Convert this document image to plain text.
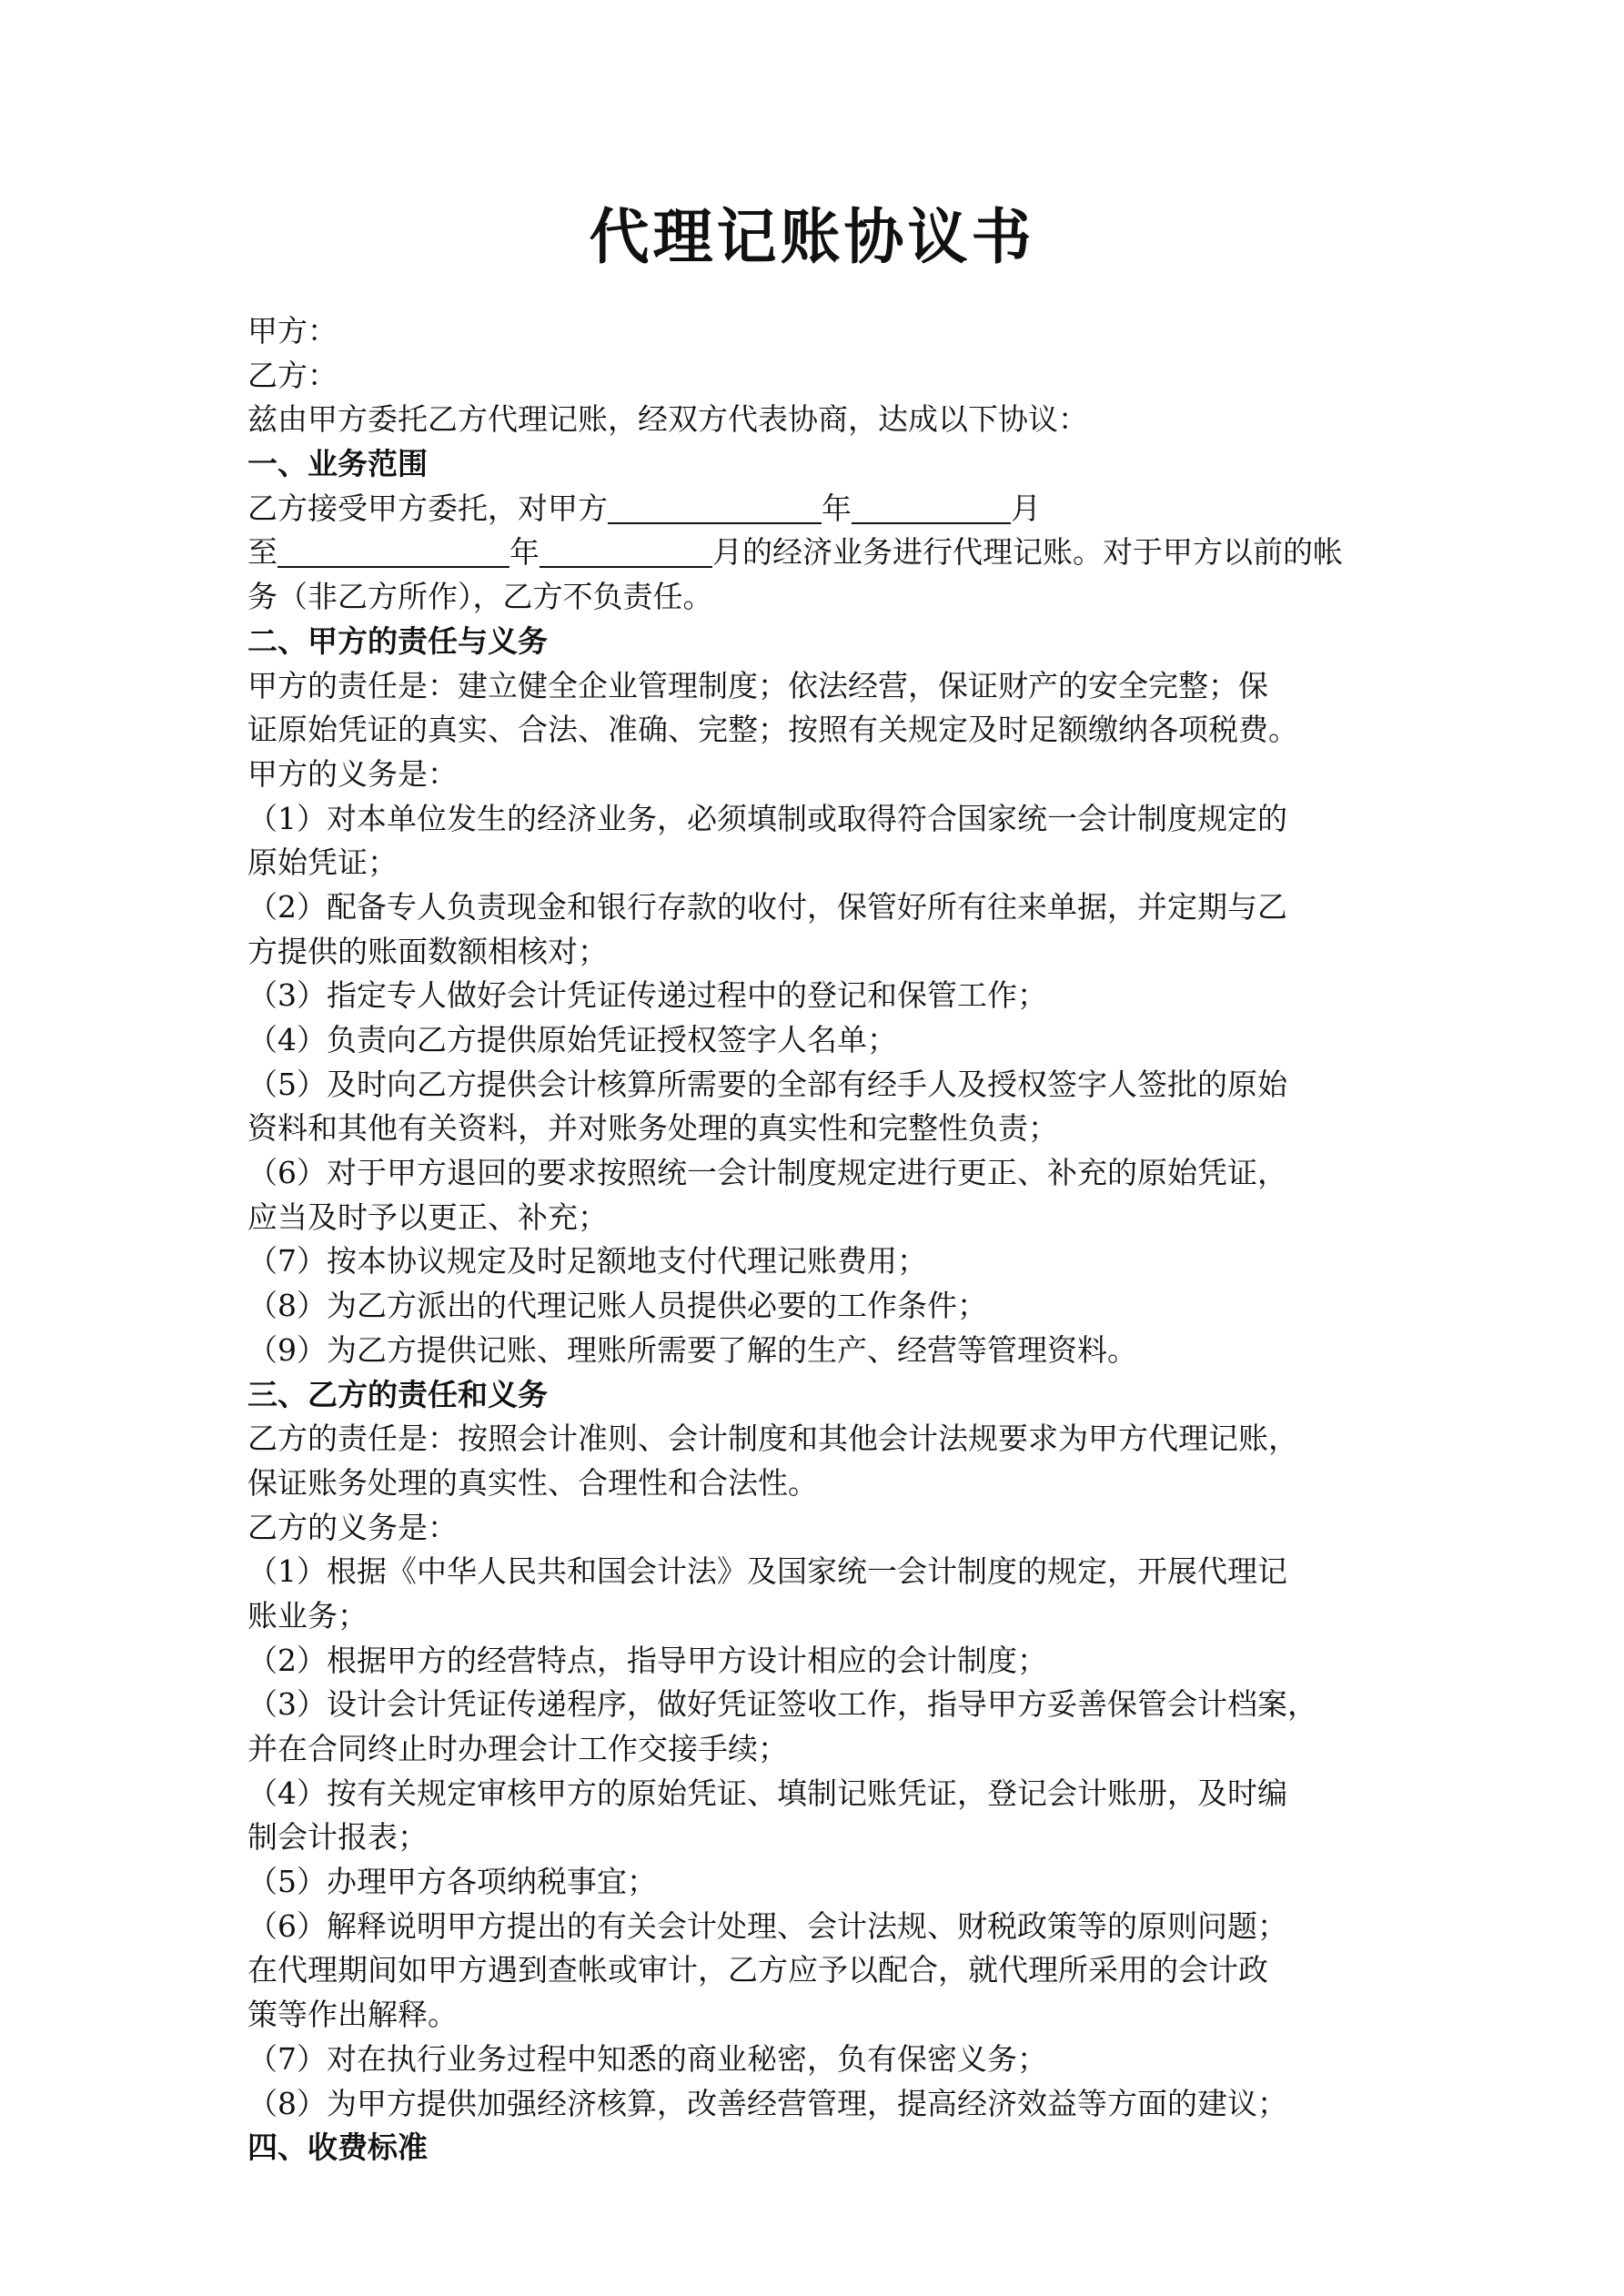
代理记账协议书
甲方：
乙方：
兹由甲方委托乙方代理记账，经双方代表协商，达成以下协议：
一、业务范围
乙方接受甲方委托，对甲方	年	月
至	年	月的经济业务进行代理记账。对于甲方以前的帐
务（非乙方所作），乙方不负责任。
二、甲方的责任与义务
甲方的责任是：建立健全企业管理制度；依法经营，保证财产的安全完整；保
证原始凭证的真实、合法、准确、完整；按照有关规定及时足额缴纳各项税费。
甲方的义务是：
（1）对本单位发生的经济业务，必须填制或取得符合国家统一会计制度规定的
原始凭证；
（2）配备专人负责现金和银行存款的收付，保管好所有往来单据，并定期与乙
方提供的账面数额相核对；
（3）指定专人做好会计凭证传递过程中的登记和保管工作；
（4）负责向乙方提供原始凭证授权签字人名单；
（5）及时向乙方提供会计核算所需要的全部有经手人及授权签字人签批的原始
资料和其他有关资料，并对账务处理的真实性和完整性负责；
（6）对于甲方退回的要求按照统一会计制度规定进行更正、补充的原始凭证，
应当及时予以更正、补充；
（7）按本协议规定及时足额地支付代理记账费用；
（8）为乙方派出的代理记账人员提供必要的工作条件；
（9）为乙方提供记账、理账所需要了解的生产、经营等管理资料。
三、乙方的责任和义务
乙方的责任是：按照会计准则、会计制度和其他会计法规要求为甲方代理记账，
保证账务处理的真实性、合理性和合法性。
乙方的义务是：
（1）根据《中华人民共和国会计法》及国家统一会计制度的规定，开展代理记
账业务；
（2）根据甲方的经营特点，指导甲方设计相应的会计制度；
（3）设计会计凭证传递程序，做好凭证签收工作，指导甲方妥善保管会计档案，
并在合同终止时办理会计工作交接手续；
（4）按有关规定审核甲方的原始凭证、填制记账凭证，登记会计账册，及时编
制会计报表；
（5）办理甲方各项纳税事宜；
（6）解释说明甲方提出的有关会计处理、会计法规、财税政策等的原则问题；
在代理期间如甲方遇到查帐或审计，乙方应予以配合，就代理所采用的会计政
策等作出解释。
（7）对在执行业务过程中知悉的商业秘密，负有保密义务；
（8）为甲方提供加强经济核算，改善经营管理，提高经济效益等方面的建议；
四、收费标准
